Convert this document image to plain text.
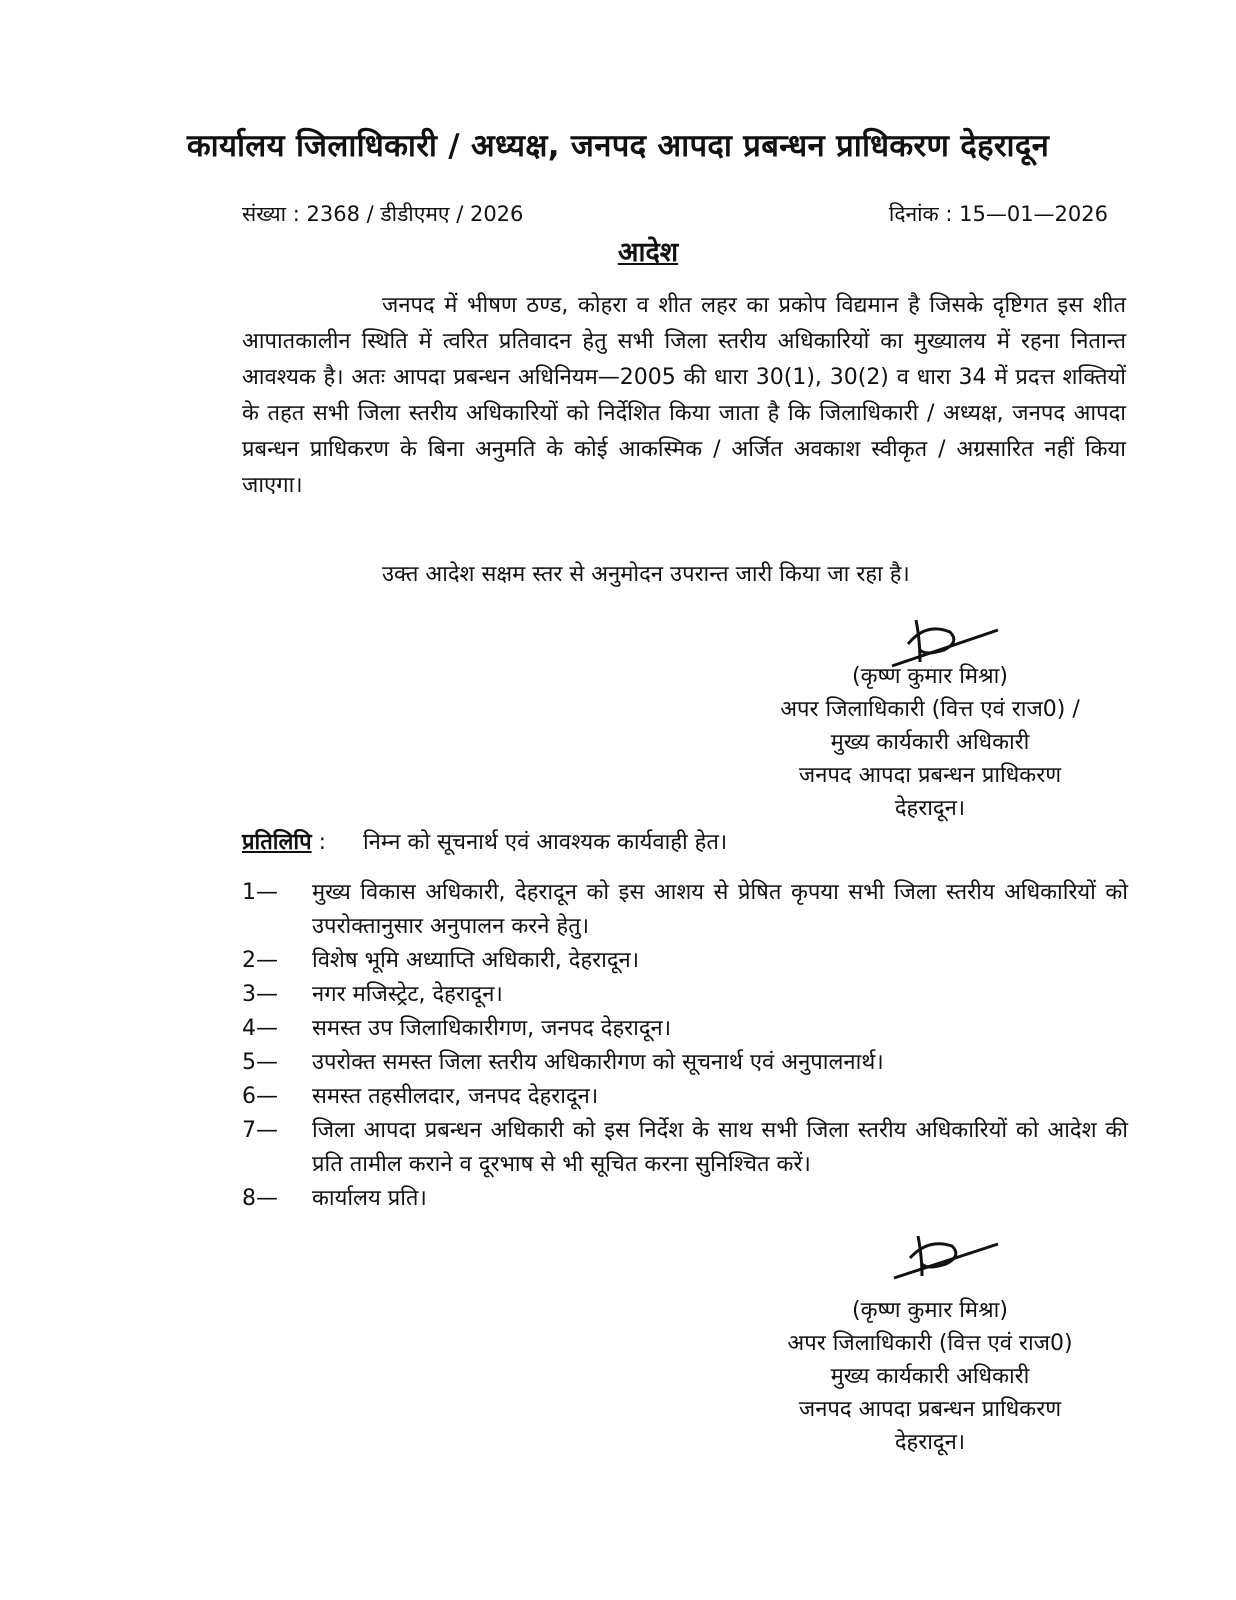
कार्यालय जिलाधिकारी / अध्यक्ष, जनपद आपदा प्रबन्धन प्राधिकरण देहरादून
संख्या : 2368 / डीडीएमए / 2026	दिनांक : 15—01—2026
आदेश
जनपद में भीषण ठण्ड, कोहरा व शीत लहर का प्रकोप विद्यमान है जिसके दृष्टिगत इस शीत आपातकालीन स्थिति में त्वरित प्रतिवादन हेतु सभी जिला स्तरीय अधिकारियों का मुख्यालय में रहना नितान्त आवश्यक है। अतः आपदा प्रबन्धन अधिनियम—2005 की धारा 30(1), 30(2) व धारा 34 में प्रदत्त शक्तियों के तहत सभी जिला स्तरीय अधिकारियों को निर्देशित किया जाता है कि जिलाधिकारी / अध्यक्ष, जनपद आपदा प्रबन्धन प्राधिकरण के बिना अनुमति के कोई आकस्मिक / अर्जित अवकाश स्वीकृत / अग्रसारित नहीं किया जाएगा।
उक्त आदेश सक्षम स्तर से अनुमोदन उपरान्त जारी किया जा रहा है।
(कृष्ण कुमार मिश्रा)
अपर जिलाधिकारी (वित्त एवं राज0) /
मुख्य कार्यकारी अधिकारी
जनपद आपदा प्रबन्धन प्राधिकरण
देहरादून।
प्रतिलिपि : निम्न को सूचनार्थ एवं आवश्यक कार्यवाही हेत।
1—	मुख्य विकास अधिकारी, देहरादून को इस आशय से प्रेषित कृपया सभी जिला स्तरीय अधिकारियों को उपरोक्तानुसार अनुपालन करने हेतु।
2—	विशेष भूमि अध्याप्ति अधिकारी, देहरादून।
3—	नगर मजिस्ट्रेट, देहरादून।
4—	समस्त उप जिलाधिकारीगण, जनपद देहरादून।
5—	उपरोक्त समस्त जिला स्तरीय अधिकारीगण को सूचनार्थ एवं अनुपालनार्थ।
6—	समस्त तहसीलदार, जनपद देहरादून।
7—	जिला आपदा प्रबन्धन अधिकारी को इस निर्देश के साथ सभी जिला स्तरीय अधिकारियों को आदेश की प्रति तामील कराने व दूरभाष से भी सूचित करना सुनिश्चित करें।
8—	कार्यालय प्रति।
(कृष्ण कुमार मिश्रा)
अपर जिलाधिकारी (वित्त एवं राज0)
मुख्य कार्यकारी अधिकारी
जनपद आपदा प्रबन्धन प्राधिकरण
देहरादून।
